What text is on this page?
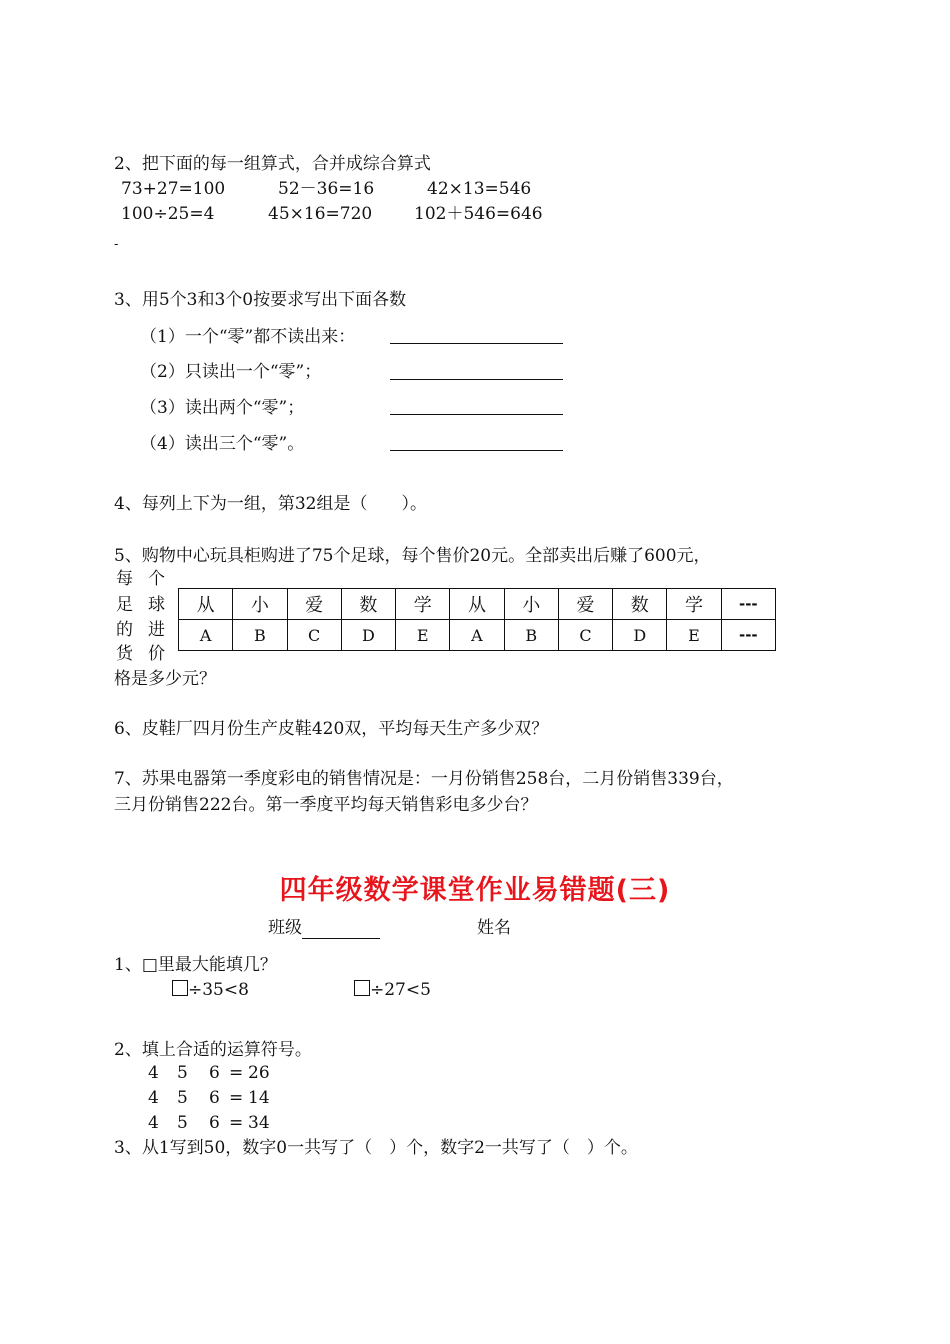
2、把下面的每一组算式，合并成综合算式
73+27=100	52－36=16	42×13=546
100÷25=4	45×16=720 102＋546=646
-
3、用5个3和3个0按要求写出下面各数
（1）一个“零”都不读出来：
（2）只读出一个“零”；
（3）读出两个“零”；
（4）读出三个“零”。
4、每列上下为一组，第32组是（　　）。
5、购物中心玩具柜购进了75个足球，每个售价20元。全部卖出后赚了600元，
每 个
足 球
的 进
货 价
格是多少元？
从	小	爱	数	学	从	小	爱	数	学	---
A	B	C	D	E	A	B	C	D	E	---
6、皮鞋厂四月份生产皮鞋420双，平均每天生产多少双？
7、苏果电器第一季度彩电的销售情况是：一月份销售258台，二月份销售339台，
三月份销售222台。第一季度平均每天销售彩电多少台？
四年级数学课堂作业易错题(三)
班级	姓名
1、□里最大能填几？
÷35<8	÷27<5
2、填上合适的运算符号。
4 5 6 = 26
4 5 6 = 14
4 5 6 = 34
3、从1写到50，数字0一共写了（　）个，数字2一共写了（　）个。
